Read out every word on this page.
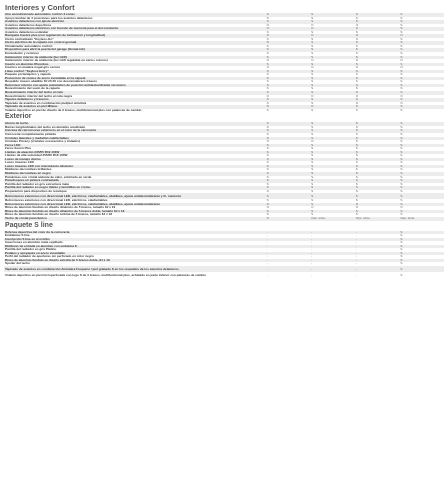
Interiores y Confort
Aire acondicionado automático confort 3 zonas	S	S	S	S
Apoyo lumbar de 4 posiciones para los asientos delanteros	S	S	S	S
Asientos delanteros con ajuste eléctrico	S	S	S	S
Asientos delanteros deportivos	O	O	O	S
Asientos delanteros eléctricos con función de memoria para el del conductor	O	O	O	S
Asientos delanteros estándar	S	S	S	S
Banqueta trasera plus (con regulación de inclinación y longitudinal)	O	O	O	O
Cierre centralizado "Keyless-Go"	S	S	S	S
Cierre eléctrico de la cajuela con control gestual	O	S	S	S
Climatizador automático confort	S	S	S	S
Dispositivo para abrir la puerta del garage (HomeLink)	S	S	S	S
Encendedor y cenicero	S	S	S	S
Iluminación interior de ambiente (luz LED)	S	S	S	S
Iluminación interior de ambiente (luz LED regulable en varios colores)	O	O	O	O
Inserto en aluminio Rhombus	S	S	S	S
Insertos en madera nogal gris oscuro	O	O	O	O
Llave confort "Keyless Entry"	S	S	S	S
Paquete portaobjetos y cajuela	S	S	S	S
Protección de cantos de acero inoxidable en la cajuela	S	S	S	S
Respaldo trasero abatible 40:20:40 con descansabrazo trasero	S	S	S	S
Retrovisor interior con ajuste automático de posición antideslumbrante sin marco	S	S	S	S
Revestimiento del suelo de la cajuela	S	S	S	S
Revestimiento interior del techo en tela	S	S	S	S
Revestimiento interior del techo en tela negra	O	O	O	O
Tapetes delanteros y traseros	S	S	S	S
Tapizado de asientos en combinación piel/piel sintética	S	S	O	O
Tapizado de asientos en piel Milano	O	O	S	S
Volante deportivo en piel de diseño de 3 brazos, multifuncional plus con palancas de cambio	S	S	S	S
Exterior
Alerón de techo	S	S	S	S
Barras longitudinales del techo en aluminio anodizado	S	S	S	S
Carcasa de retrovisores exteriores en el color de la carrocería	S	S	S	S
Carrocería completamente pintada	S	S	S	S
Cristales laterales y medallón calefactables	S	S	S	S
Cristales Privacy (cristales oscurecidos y tintados)	O	O	S	S
Faros LED	S	S	S	S
Faros Xenón Plus	S	S	S	S
Llantas de aleación 235/55 R19 101W	S	S	S	S
Llantas de alta velocidad 255/60 R18 103W	S	S	S	S
Luces de manejo diurno	S	S	S	S
Luces traseras LED	S	S	S	S
Luces traseras LED con intermitente dinámico	S	S	S	S
Molduras decorativas brillantes	S	S	S	S
Molduras decorativas en negro	S	S	S	S
Parabrisas con cristal aislante de calor, entintado en verde	S	S	S	S
Parachoques en pintura contrastada	S	S	S	S
Parrilla del radiador en gris estructura mate	S	S	S	S
Parrilla del radiador en negro titanio y laminillas en cromo	S	S	S	S
Preparación para dispositivo de remolque	S	S	S	S
Retrovisores exteriores con direccional LED, eléctricos, calefactables, abatibles, ajuste antideslumbrante y fn. memoria	S	S	S	S
Retrovisores exteriores con direccional LED, eléctricos, calefactables	S	S	S	S
Retrovisores exteriores con direccional LED, eléctricos, calefactables, abatibles, ajuste antideslumbrante	S	S	S	S
Rines de aluminio fundido en diseño dinámico de 5 brazos, tamaño 8J x 19	O	O	O	O
Rines de aluminio fundido en diseño dinámico de 5 brazos doble, tamaño 8J x 18	S	S	S	S
Rines de aluminio fundido en diseño turbina de 5 brazos, tamaño 8J x 18	S	S	S	S
Techo de cristal panorámico	O	Opc. s/cto.	Opc. s/cto.	Opc. s/cto.
Paquete S line
Defensa deportiva del color de la carrocería	-	-	-	S
Emblemas S line	-	-	-	S
Inscripción S line en el estribo	-	-	-	S
Inserciones en aluminio mate cepillado	-	-	-	S
Molduras de entrada en aluminio con emblema S	-	-	-	S
Parrilla del radiador en gris Platino	-	-	-	S
Pedales y apoyapiés en acero inoxidable	-	-	-	S
Perfil del radiador de aperturas sin perforado en color negro	-	-	-	S
Rines de aluminio fundido en diseño estrella de 5 brazos doble, 8J x 19	-	-	-	S
Spoiler del techo	-	-	-	S
Tapizado de asientos en combinación Alcántara Frequenz / piel grabado S en los respaldos de los asientos delanteros	-	-	-	S
Volante deportivo en piel microperforada con logo S de 3 brazos, multifuncional plus, achatado en parte inferior con palancas de cambio	-	-	-	S
